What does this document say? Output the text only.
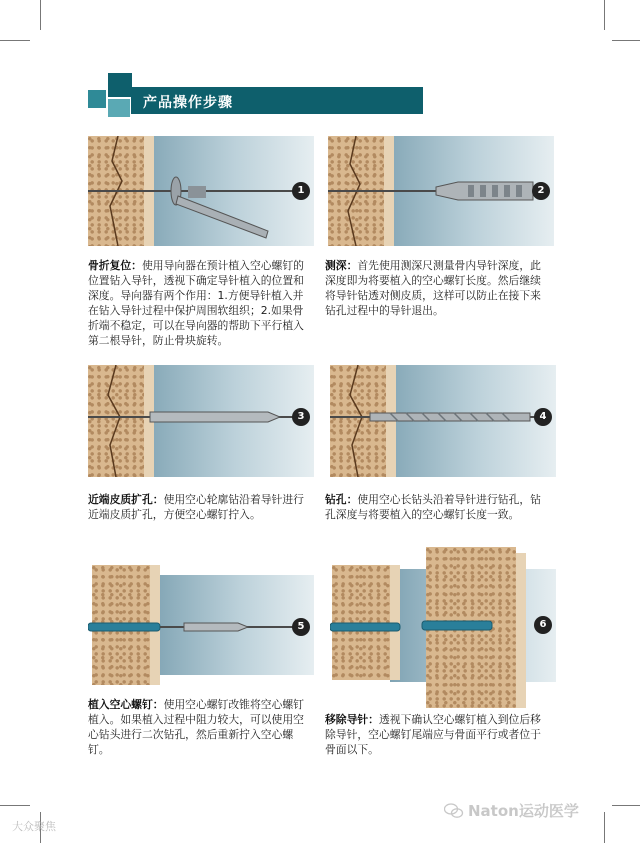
产品操作步骤
1	2
骨折复位：使用导向器在预计植入空心螺钉的位置钻入导针，透视下确定导针植入的位置和深度。导向器有两个作用：1.方便导针植入并在钻入导针过程中保护周围软组织；2.如果骨折端不稳定，可以在导向器的帮助下平行植入第二根导针，防止骨块旋转。
测深：首先使用测深尺测量骨内导针深度，此深度即为将要植入的空心螺钉长度。然后继续将导针钻透对侧皮质，这样可以防止在接下来钻孔过程中的导针退出。
3	4
近端皮质扩孔：使用空心轮廓钻沿着导针进行近端皮质扩孔，方便空心螺钉拧入。
钻孔：使用空心长钻头沿着导针进行钻孔，钻孔深度与将要植入的空心螺钉长度一致。
5	6
植入空心螺钉：使用空心螺钉改锥将空心螺钉植入。如果植入过程中阻力较大，可以使用空心钻头进行二次钻孔，然后重新拧入空心螺钉。
移除导针：透视下确认空心螺钉植入到位后移除导针，空心螺钉尾端应与骨面平行或者位于骨面以下。
Naton运动医学
大众聚焦
